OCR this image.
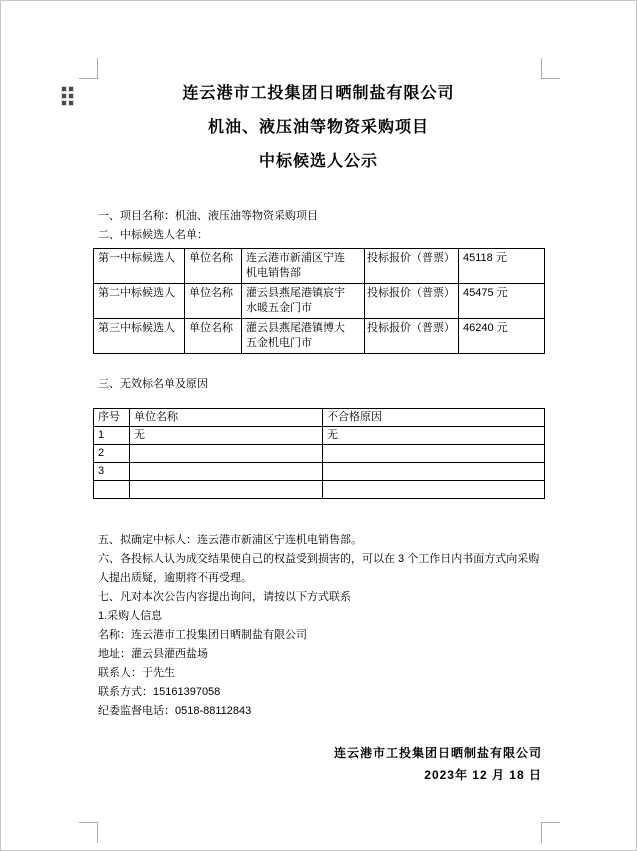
连云港市工投集团日晒制盐有限公司
机油、液压油等物资采购项目
中标候选人公示
一、项目名称：机油、液压油等物资采购项目
二、中标候选人名单：
第一中标候选人	单位名称	连云港市新浦区宁连机电销售部	投标报价（普票）	45118 元
第二中标候选人	单位名称	灌云县燕尾港镇宸宇水暖五金门市	投标报价（普票）	45475 元
第三中标候选人	单位名称	灌云县燕尾港镇博大五金机电门市	投标报价（普票）	46240 元
三、无效标名单及原因
序号	单位名称	不合格原因
1	无	无
2		
3		

五、拟确定中标人：连云港市新浦区宁连机电销售部。
六、各投标人认为成交结果使自己的权益受到损害的，可以在 3 个工作日内书面方式向采购人提出质疑，逾期将不再受理。
七、凡对本次公告内容提出询问，请按以下方式联系
1.采购人信息
名称：连云港市工投集团日晒制盐有限公司
地址：灌云县灌西盐场
联系人：于先生
联系方式：15161397058
纪委监督电话：0518-88112843
连云港市工投集团日晒制盐有限公司
2023年 12 月 18 日
